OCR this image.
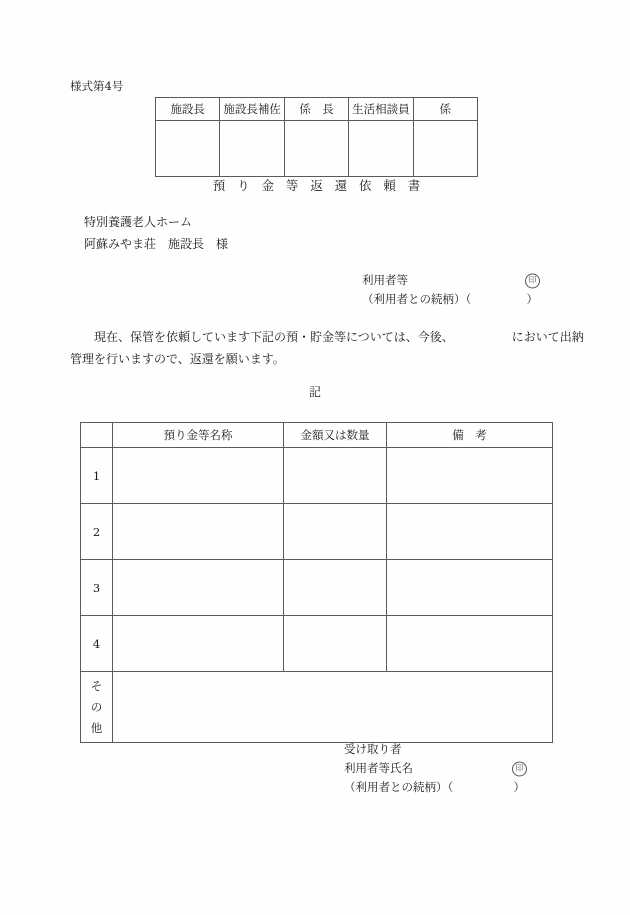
様式第4号
施設長	施設長補佐	係　長	生活相談員	係

預り金等返還依頼書
特別養護老人ホーム
阿蘇みやま荘　施設長　様
利用者等	印
（利用者との続柄）（	）
現在、保管を依頼しています下記の預・貯金等については、今後、	において出納
管理を行いますので、返還を願います。
記
	預り金等名称	金額又は数量	備　考
1			
2			
3			
4			

そ
の
他			

受け取り者
利用者等氏名	印
（利用者との続柄）（	）
